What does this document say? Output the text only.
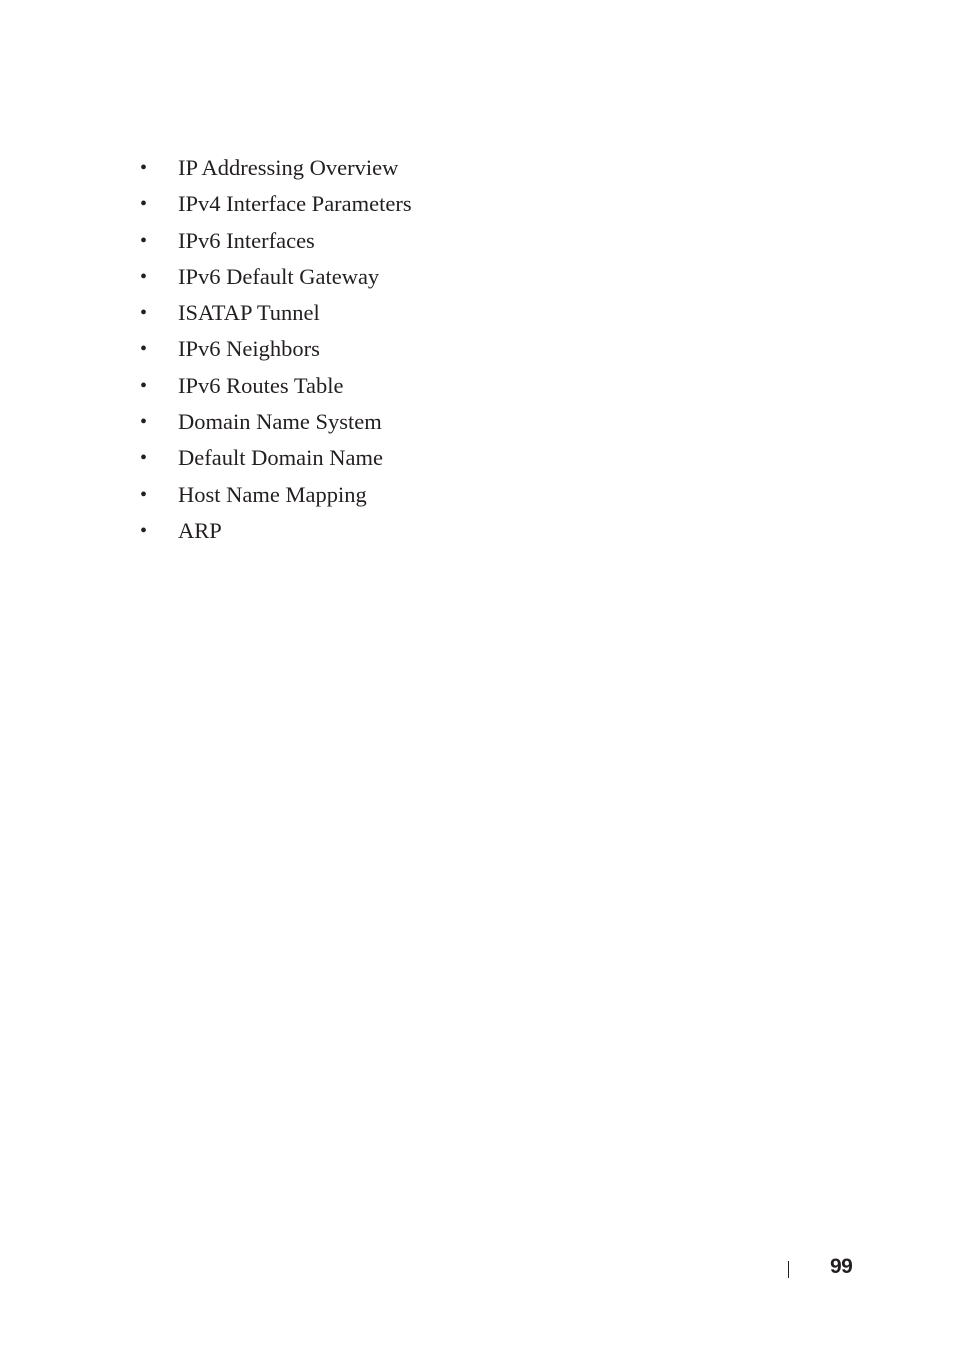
• IP Addressing Overview
• IPv4 Interface Parameters
• IPv6 Interfaces
• IPv6 Default Gateway
• ISATAP Tunnel
• IPv6 Neighbors
• IPv6 Routes Table
• Domain Name System
• Default Domain Name
• Host Name Mapping
• ARP
99
